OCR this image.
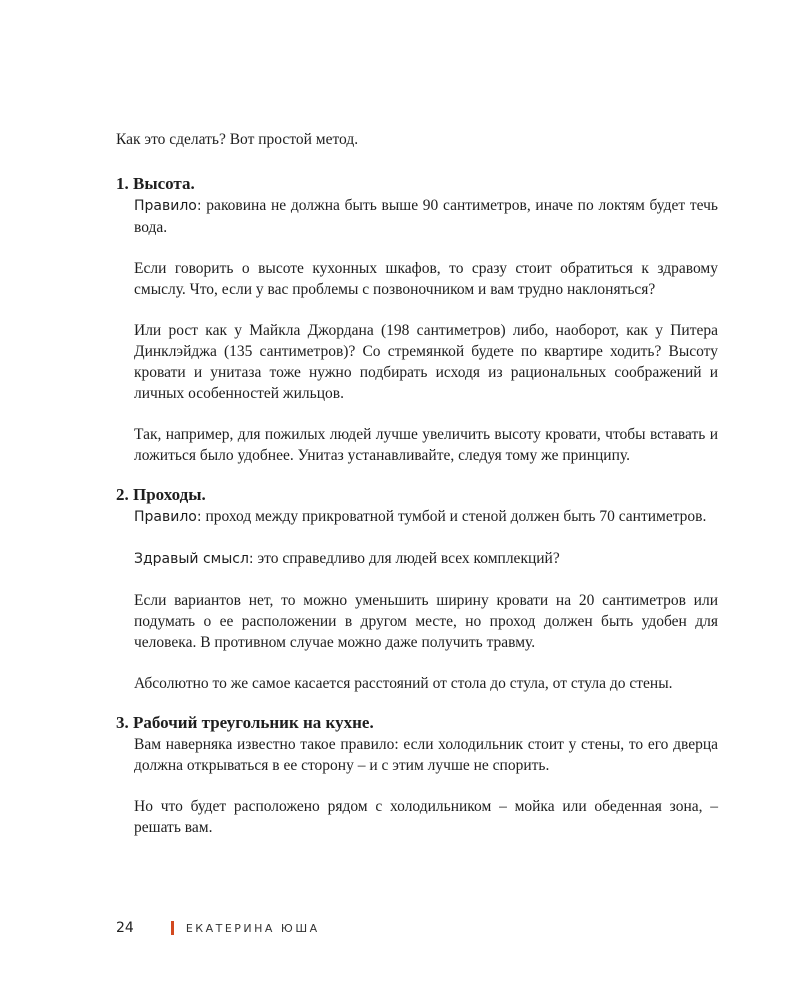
Как это сделать? Вот простой метод.

1. Высота.

Правило: раковина не должна быть выше 90 сантиметров, иначе по локтям будет течь вода.

Если говорить о высоте кухонных шкафов, то сразу стоит обратиться к здравому смыслу. Что, если у вас проблемы с позвоночником и вам трудно наклоняться?

Или рост как у Майкла Джордана (198 сантиметров) либо, наоборот, как у Питера Динклэйджа (135 сантиметров)? Со стремянкой будете по квартире ходить? Высоту кровати и унитаза тоже нужно подбирать исходя из рациональных соображений и личных особенностей жильцов.

Так, например, для пожилых людей лучше увеличить высоту кровати, чтобы вставать и ложиться было удобнее. Унитаз устанавливайте, следуя тому же принципу.

2. Проходы.

Правило: проход между прикроватной тумбой и стеной должен быть 70 сантиметров.

Здравый смысл: это справедливо для людей всех комплекций?

Если вариантов нет, то можно уменьшить ширину кровати на 20 сантиметров или подумать о ее расположении в другом месте, но проход должен быть удобен для человека. В противном случае можно даже получить травму.

Абсолютно то же самое касается расстояний от стола до стула, от стула до стены.

3. Рабочий треугольник на кухне.

Вам наверняка известно такое правило: если холодильник стоит у стены, то его дверца должна открываться в ее сторону – и с этим лучше не спорить.

Но что будет расположено рядом с холодильником – мойка или обеденная зона, – решать вам.

24	ЕКАТЕРИНА ЮША
